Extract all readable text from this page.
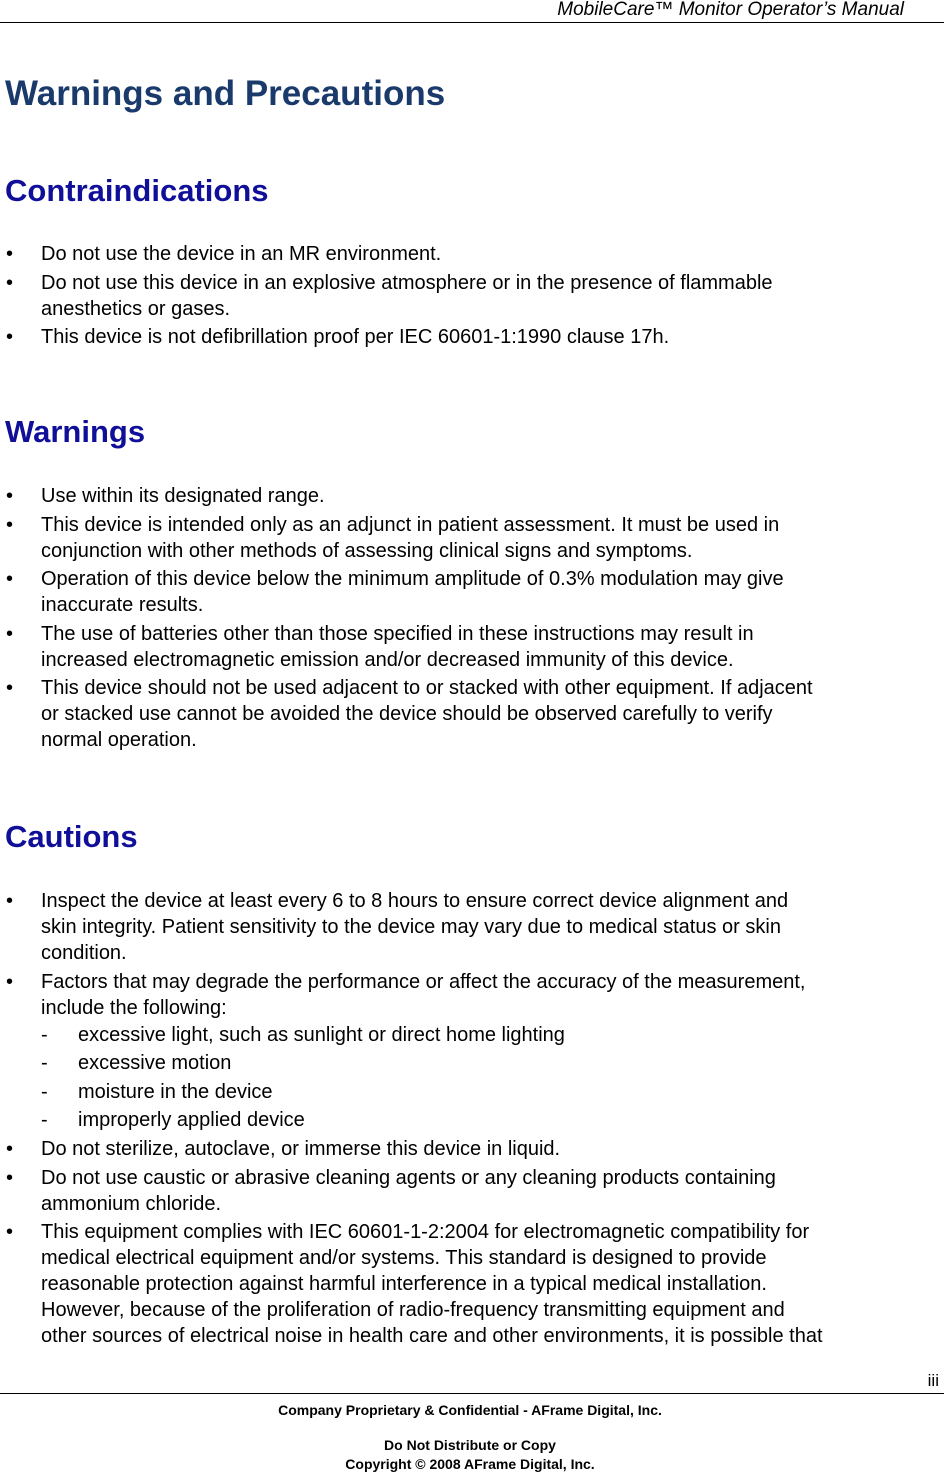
MobileCare™ Monitor Operator’s Manual
Warnings and Precautions
Contraindications
• Do not use the device in an MR environment.
• Do not use this device in an explosive atmosphere or in the presence of flammable
anesthetics or gases.
• This device is not defibrillation proof per IEC 60601-1:1990 clause 17h.
Warnings
• Use within its designated range.
• This device is intended only as an adjunct in patient assessment. It must be used in
conjunction with other methods of assessing clinical signs and symptoms.
• Operation of this device below the minimum amplitude of 0.3% modulation may give
inaccurate results.
• The use of batteries other than those specified in these instructions may result in
increased electromagnetic emission and/or decreased immunity of this device.
• This device should not be used adjacent to or stacked with other equipment. If adjacent
or stacked use cannot be avoided the device should be observed carefully to verify
normal operation.
Cautions
• Inspect the device at least every 6 to 8 hours to ensure correct device alignment and
skin integrity. Patient sensitivity to the device may vary due to medical status or skin
condition.
• Factors that may degrade the performance or affect the accuracy of the measurement,
include the following:
- excessive light, such as sunlight or direct home lighting
- excessive motion
- moisture in the device
- improperly applied device
• Do not sterilize, autoclave, or immerse this device in liquid.
• Do not use caustic or abrasive cleaning agents or any cleaning products containing
ammonium chloride.
• This equipment complies with IEC 60601-1-2:2004 for electromagnetic compatibility for
medical electrical equipment and/or systems. This standard is designed to provide
reasonable protection against harmful interference in a typical medical installation.
However, because of the proliferation of radio-frequency transmitting equipment and
other sources of electrical noise in health care and other environments, it is possible that
iii
Company Proprietary & Confidential - AFrame Digital, Inc.
Do Not Distribute or Copy
Copyright © 2008 AFrame Digital, Inc.
